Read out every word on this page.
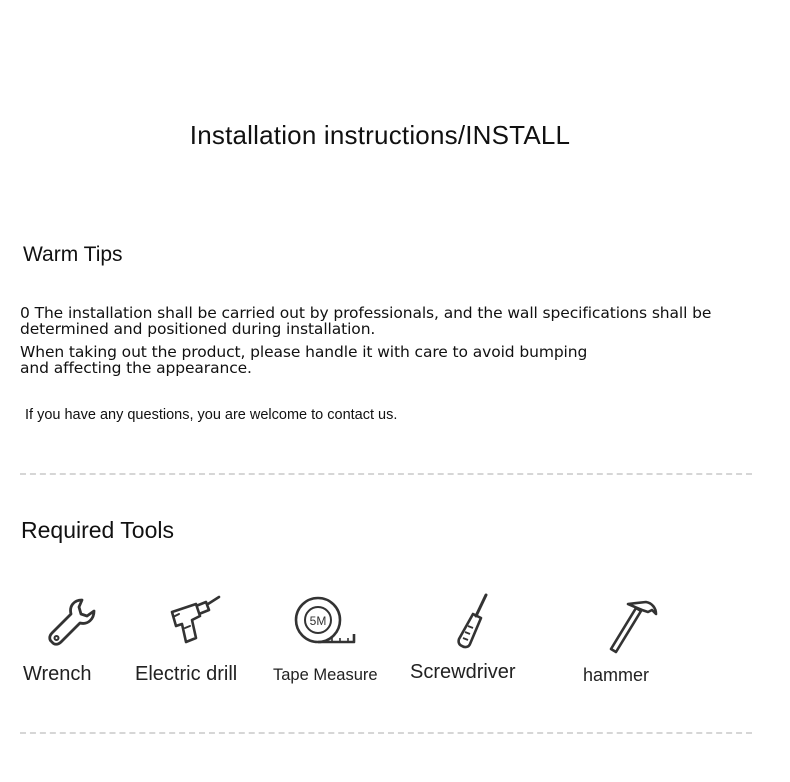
Installation instructions/INSTALL
Warm Tips
0 The installation shall be carried out by professionals, and the wall specifications shall be determined and positioned during installation.
When taking out the product, please handle it with care to avoid bumping and affecting the appearance.
If you have any questions, you are welcome to contact us.
Required Tools
5M
Wrench Electric drill Tape Measure Screwdriver	hammer
